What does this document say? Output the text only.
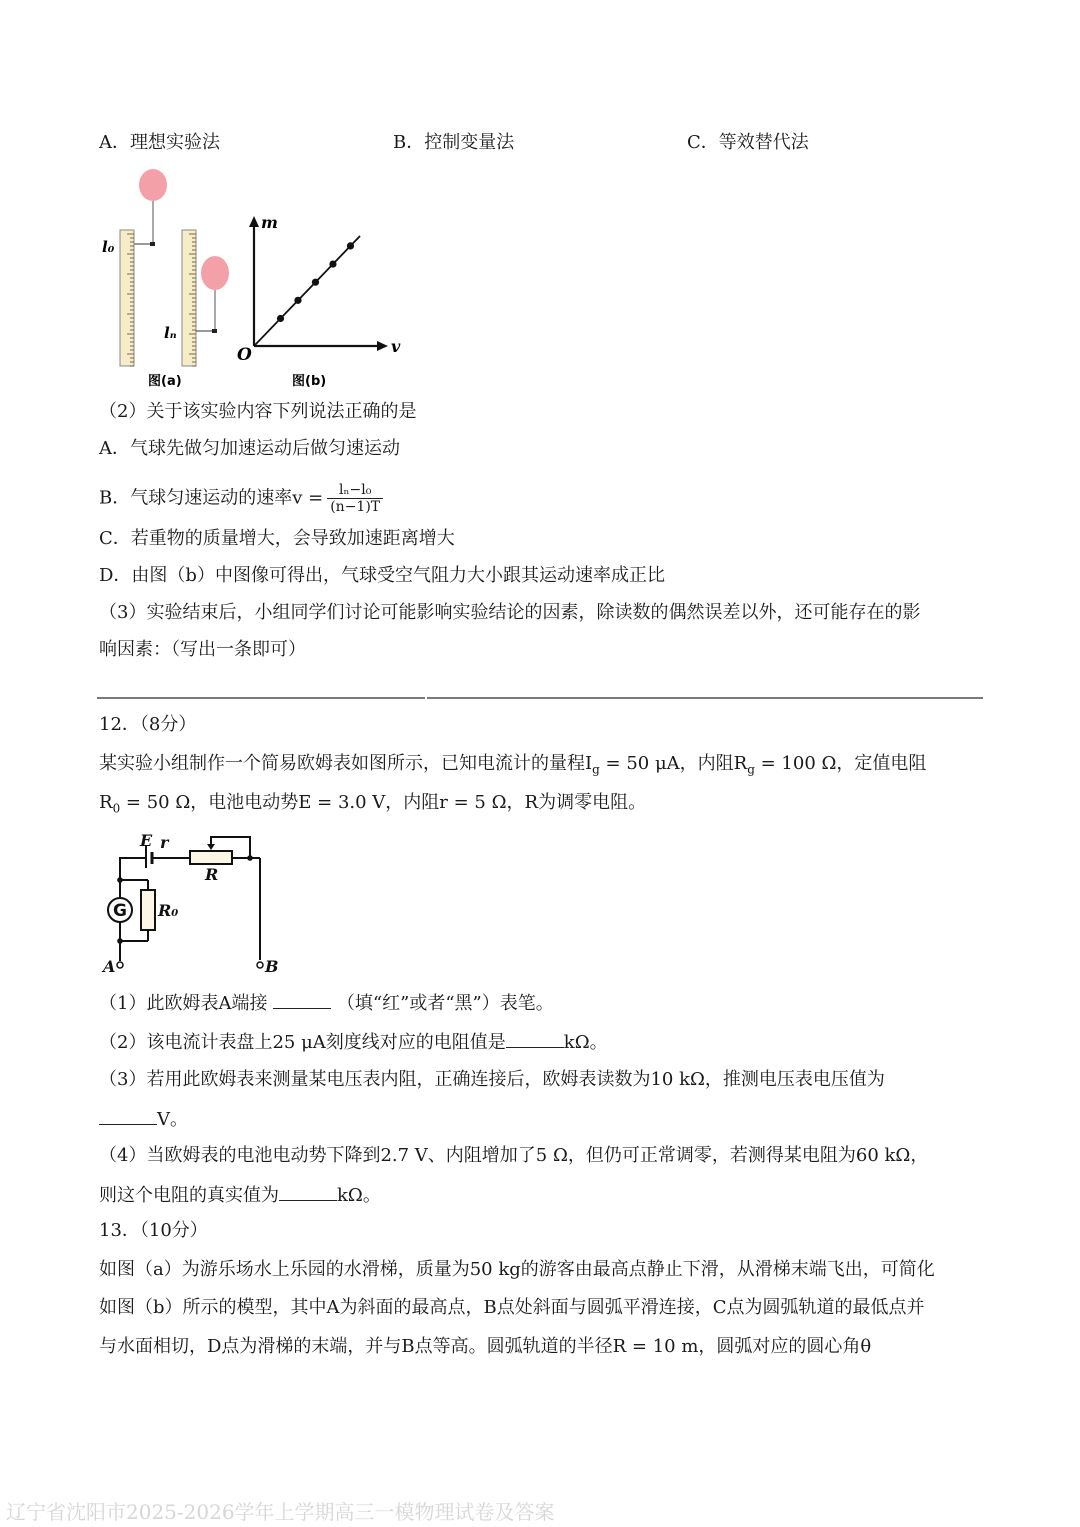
A．理想实验法	B．控制变量法	C．等效替代法
l₀
lₙ
图(a)
m
v
O
图(b)
（2）关于该实验内容下列说法正确的是
A．气球先做匀加速运动后做匀速运动
B．气球匀速运动的速率$v = \frac{\text{lₙ−l₀}}{(n-1)T}$
C．若重物的质量增大，会导致加速距离增大
D．由图（b）中图像可得出，气球受空气阻力大小跟其运动速率成正比
（3）实验结束后，小组同学们讨论可能影响实验结论的因素，除读数的偶然误差以外，还可能存在的影
响因素：（写出一条即可）
12．（8分）
某实验小组制作一个简易欧姆表如图所示，已知电流计的量程$I_g = 50$ μA，内阻$R_g = 100$ Ω，定值电阻
$R_0 = 50$ Ω，电池电动势E = 3.0 V，内阻r = 5 Ω，R为调零电阻。
E r
R
R₀
A	B
G
（1）此欧姆表A端接	（填“红”或者“黑”）表笔。
（2）该电流计表盘上25 μA刻度线对应的电阻值是	kΩ。
（3）若用此欧姆表来测量某电压表内阻，正确连接后，欧姆表读数为10 kΩ，推测电压表电压值为
V。
（4）当欧姆表的电池电动势下降到2.7 V、内阻增加了5 Ω，但仍可正常调零，若测得某电阻为60 kΩ，
则这个电阻的真实值为	kΩ。
13．（10分）
如图（a）为游乐场水上乐园的水滑梯，质量为50 kg的游客由最高点静止下滑，从滑梯末端飞出，可简化
如图（b）所示的模型，其中A为斜面的最高点，B点处斜面与圆弧平滑连接，C点为圆弧轨道的最低点并
与水面相切，D点为滑梯的末端，并与B点等高。圆弧轨道的半径R = 10 m，圆弧对应的圆心角θ
辽宁省沈阳市2025-2026学年上学期高三一模物理试卷及答案
